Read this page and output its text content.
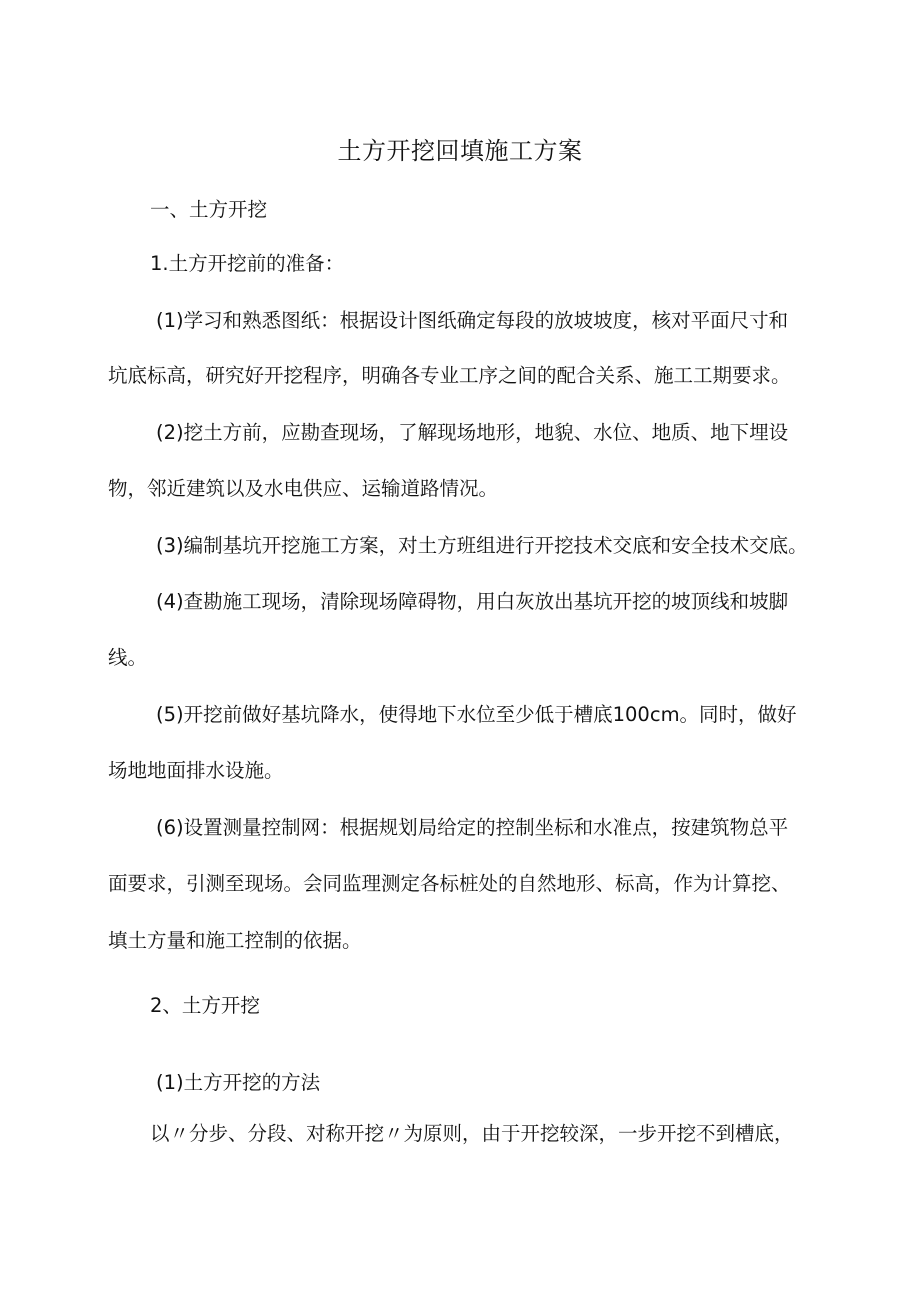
土方开挖回填施工方案
一、土方开挖
1.土方开挖前的准备：
(1)学习和熟悉图纸：根据设计图纸确定每段的放坡坡度，核对平面尺寸和
坑底标高，研究好开挖程序，明确各专业工序之间的配合关系、施工工期要求。
(2)挖土方前，应勘查现场，了解现场地形，地貌、水位、地质、地下埋设
物，邻近建筑以及水电供应、运输道路情况。
(3)编制基坑开挖施工方案，对土方班组进行开挖技术交底和安全技术交底。
(4)查勘施工现场，清除现场障碍物，用白灰放出基坑开挖的坡顶线和坡脚
线。
(5)开挖前做好基坑降水，使得地下水位至少低于槽底100cm。同时，做好
场地地面排水设施。
(6)设置测量控制网：根据规划局给定的控制坐标和水准点，按建筑物总平
面要求，引测至现场。会同监理测定各标桩处的自然地形、标高，作为计算挖、
填土方量和施工控制的依据。
2、土方开挖
(1)土方开挖的方法
以〃分步、分段、对称开挖〃为原则，由于开挖较深，一步开挖不到槽底，
